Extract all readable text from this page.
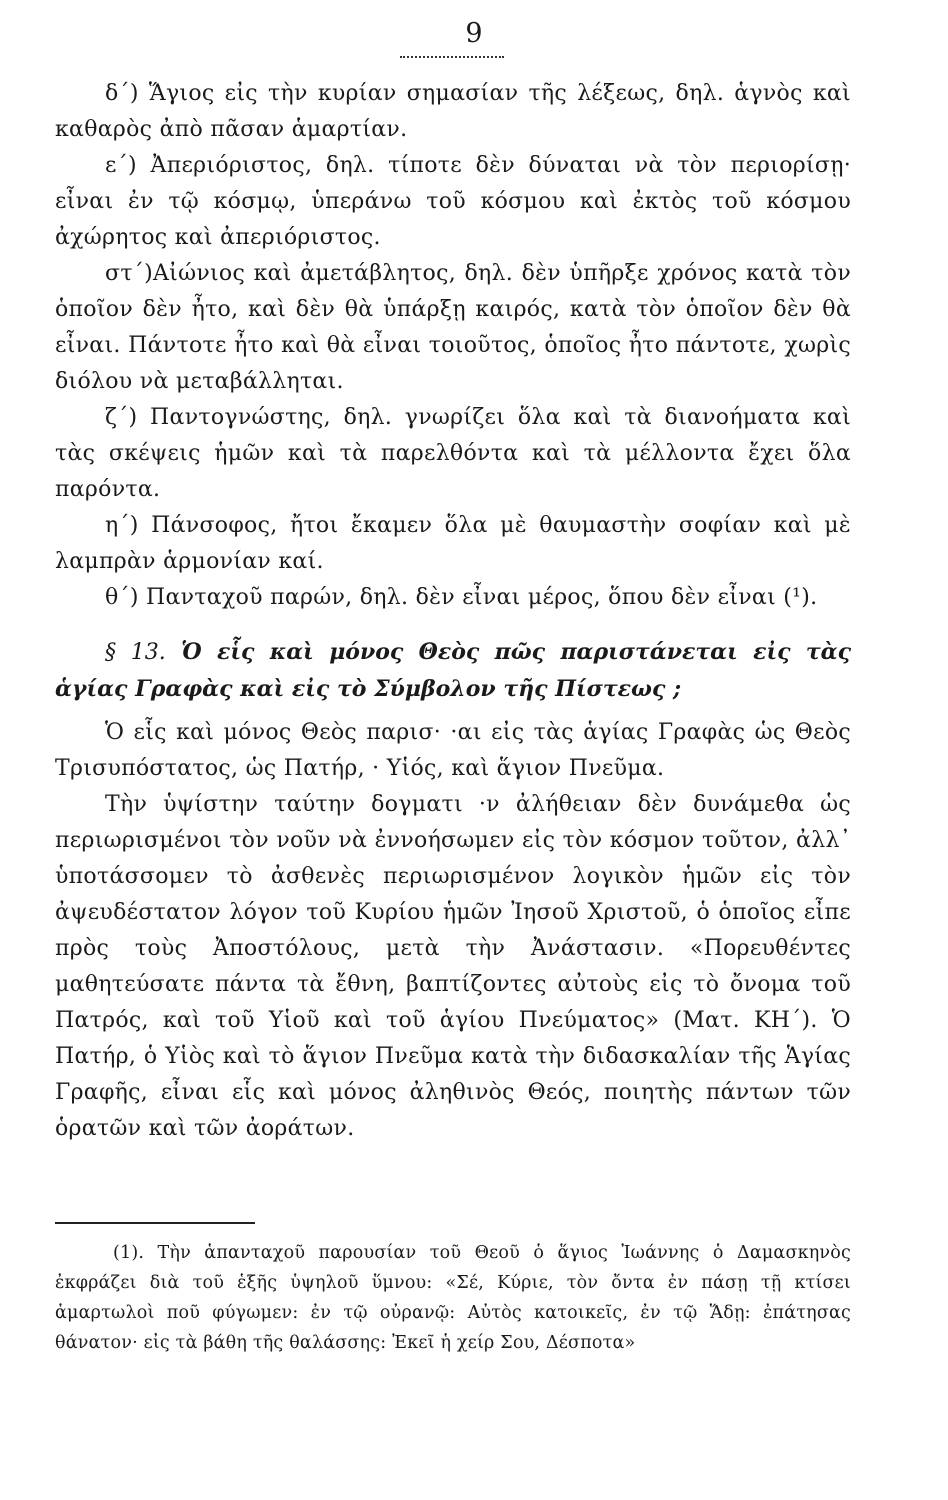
9

δ΄) Ἅγιος εἰς τὴν κυρίαν σημασίαν τῆς λέξεως, δηλ. ἁγνὸς καὶ καθαρὸς ἀπὸ πᾶσαν ἁμαρτίαν.

ε΄) Ἀπεριόριστος, δηλ. τίποτε δὲν δύναται νὰ τὸν περιορίσῃ· εἶναι ἐν τῷ κόσμῳ, ὑπεράνω τοῦ κόσμου καὶ ἐκτὸς τοῦ κόσμου ἀχώρητος καὶ ἀπεριόριστος.

στ΄)Αἰώνιος καὶ ἀμετάβλητος, δηλ. δὲν ὑπῆρξε χρόνος κατὰ τὸν ὁποῖον δὲν ἦτο, καὶ δὲν θὰ ὑπάρξῃ καιρός, κατὰ τὸν ὁποῖον δὲν θὰ εἶναι. Πάντοτε ἦτο καὶ θὰ εἶναι τοιοῦτος, ὁποῖος ἦτο πάντοτε, χωρὶς διόλου νὰ μεταβάλληται.

ζ΄) Παντογνώστης, δηλ. γνωρίζει ὅλα καὶ τὰ διανοήματα καὶ τὰς σκέψεις ἡμῶν καὶ τὰ παρελθόντα καὶ τὰ μέλλοντα ἔχει ὅλα παρόντα.

η΄) Πάνσοφος, ἤτοι ἔκαμεν ὅλα μὲ θαυμαστὴν σοφίαν καὶ μὲ λαμπρὰν ἁρμονίαν καί.

θ΄) Πανταχοῦ παρών, δηλ. δὲν εἶναι μέρος, ὅπου δὲν εἶναι (¹).

§ 13. Ὁ εἷς καὶ μόνος Θεὸς πῶς παριστάνεται εἰς τὰς ἁγίας Γραφὰς καὶ εἰς τὸ Σύμβολον τῆς Πίστεως ;

Ὁ εἷς καὶ μόνος Θεὸς παρισ· ·αι εἰς τὰς ἁγίας Γραφὰς ὡς Θεὸς Τρισυπόστατος, ὡς Πατήρ, · Υἱός, καὶ ἅγιον Πνεῦμα.

Τὴν ὑψίστην ταύτην δογματι ·ν ἀλήθειαν δὲν δυνάμεθα ὡς περιωρισμένοι τὸν νοῦν νὰ ἐννοήσωμεν εἰς τὸν κόσμον τοῦτον, ἀλλ᾽ ὑποτάσσομεν τὸ ἀσθενὲς περιωρισμένον λογικὸν ἡμῶν εἰς τὸν ἀψευδέστατον λόγον τοῦ Κυρίου ἡμῶν Ἰησοῦ Χριστοῦ, ὁ ὁποῖος εἶπε πρὸς τοὺς Ἀποστόλους, μετὰ τὴν Ἀνάστασιν. «Πορευθέντες μαθητεύσατε πάντα τὰ ἔθνη, βαπτίζοντες αὐτοὺς εἰς τὸ ὄνομα τοῦ Πατρός, καὶ τοῦ Υἱοῦ καὶ τοῦ ἁγίου Πνεύματος» (Ματ. ΚΗ΄). Ὁ Πατήρ, ὁ Υἱὸς καὶ τὸ ἅγιον Πνεῦμα κατὰ τὴν διδασκαλίαν τῆς Ἁγίας Γραφῆς, εἶναι εἷς καὶ μόνος ἀληθινὸς Θεός, ποιητὴς πάντων τῶν ὁρατῶν καὶ τῶν ἀοράτων.

(1). Τὴν ἁπανταχοῦ παρουσίαν τοῦ Θεοῦ ὁ ἅγιος Ἰωάννης ὁ Δαμασκηνὸς ἐκφράζει διὰ τοῦ ἑξῆς ὑψηλοῦ ὕμνου: «Σέ, Κύριε, τὸν ὄντα ἐν πάσῃ τῇ κτίσει ἁμαρτωλοὶ ποῦ φύγωμεν: ἐν τῷ οὐρανῷ: Αὐτὸς κατοικεῖς, ἐν τῷ Ἅδῃ: ἐπάτησας θάνατον· εἰς τὰ βάθη τῆς θαλάσσης: Ἐκεῖ ἡ χείρ Σου, Δέσποτα»
